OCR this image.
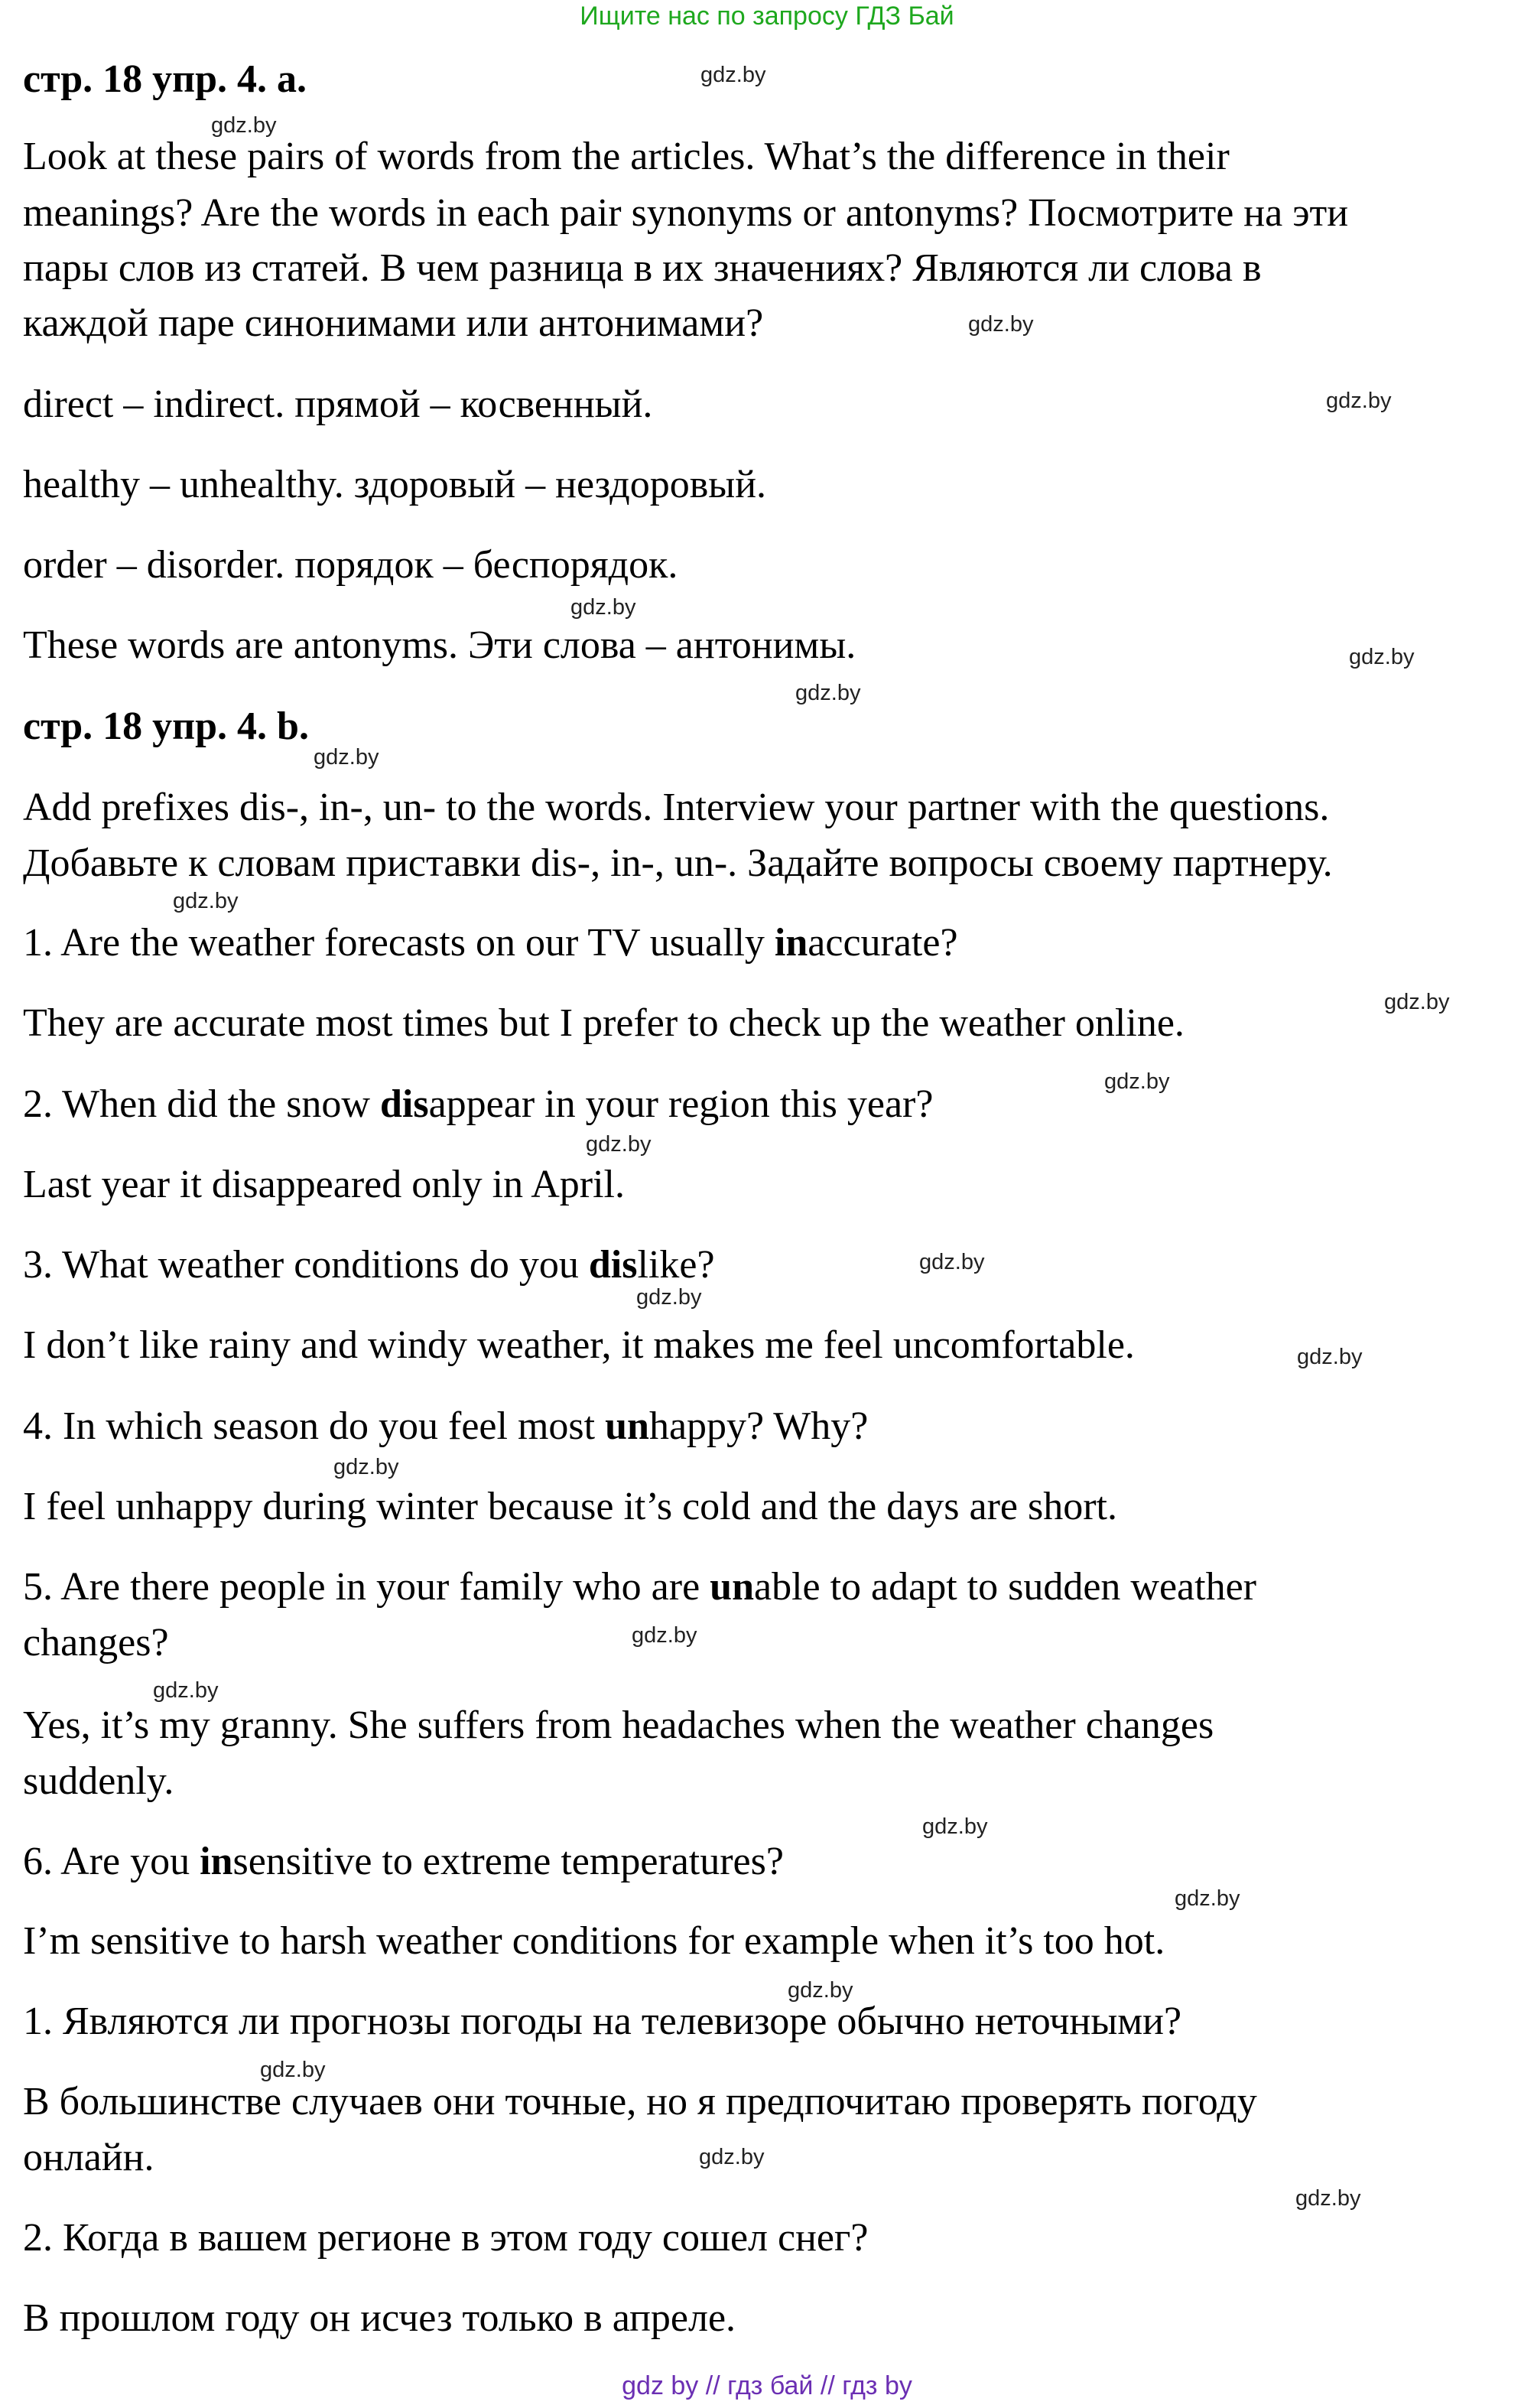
Ищите нас по запросу ГДЗ Бай
стр. 18 упр. 4. a.
Look at these pairs of words from the articles. What’s the difference in their
meanings? Are the words in each pair synonyms or antonyms? Посмотрите на эти
пары слов из статей. В чем разница в их значениях? Являются ли слова в
каждой паре синонимами или антонимами?
direct – indirect. прямой – косвенный.
healthy – unhealthy. здоровый – нездоровый.
order – disorder. порядок – беспорядок.
These words are antonyms. Эти слова – антонимы.
стр. 18 упр. 4. b.
Add prefixes dis-, in-, un- to the words. Interview your partner with the questions.
Добавьте к словам приставки dis-, in-, un-. Задайте вопросы своему партнеру.
1. Are the weather forecasts on our TV usually inaccurate?
They are accurate most times but I prefer to check up the weather online.
2. When did the snow disappear in your region this year?
Last year it disappeared only in April.
3. What weather conditions do you dislike?
I don’t like rainy and windy weather, it makes me feel uncomfortable.
4. In which season do you feel most unhappy? Why?
I feel unhappy during winter because it’s cold and the days are short.
5. Are there people in your family who are unable to adapt to sudden weather
changes?
Yes, it’s my granny. She suffers from headaches when the weather changes
suddenly.
6. Are you insensitive to extreme temperatures?
I’m sensitive to harsh weather conditions for example when it’s too hot.
1. Являются ли прогнозы погоды на телевизоре обычно неточными?
В большинстве случаев они точные, но я предпочитаю проверять погоду
онлайн.
2. Когда в вашем регионе в этом году сошел снег?
В прошлом году он исчез только в апреле.
gdz.by
gdz.by
gdz.by
gdz.by
gdz.by
gdz.by
gdz.by
gdz.by
gdz.by
gdz.by
gdz.by
gdz.by
gdz.by
gdz.by
gdz.by
gdz.by
gdz.by
gdz.by
gdz.by
gdz.by
gdz.by
gdz.by
gdz.by
gdz.by
gdz by // гдз бай // гдз by
